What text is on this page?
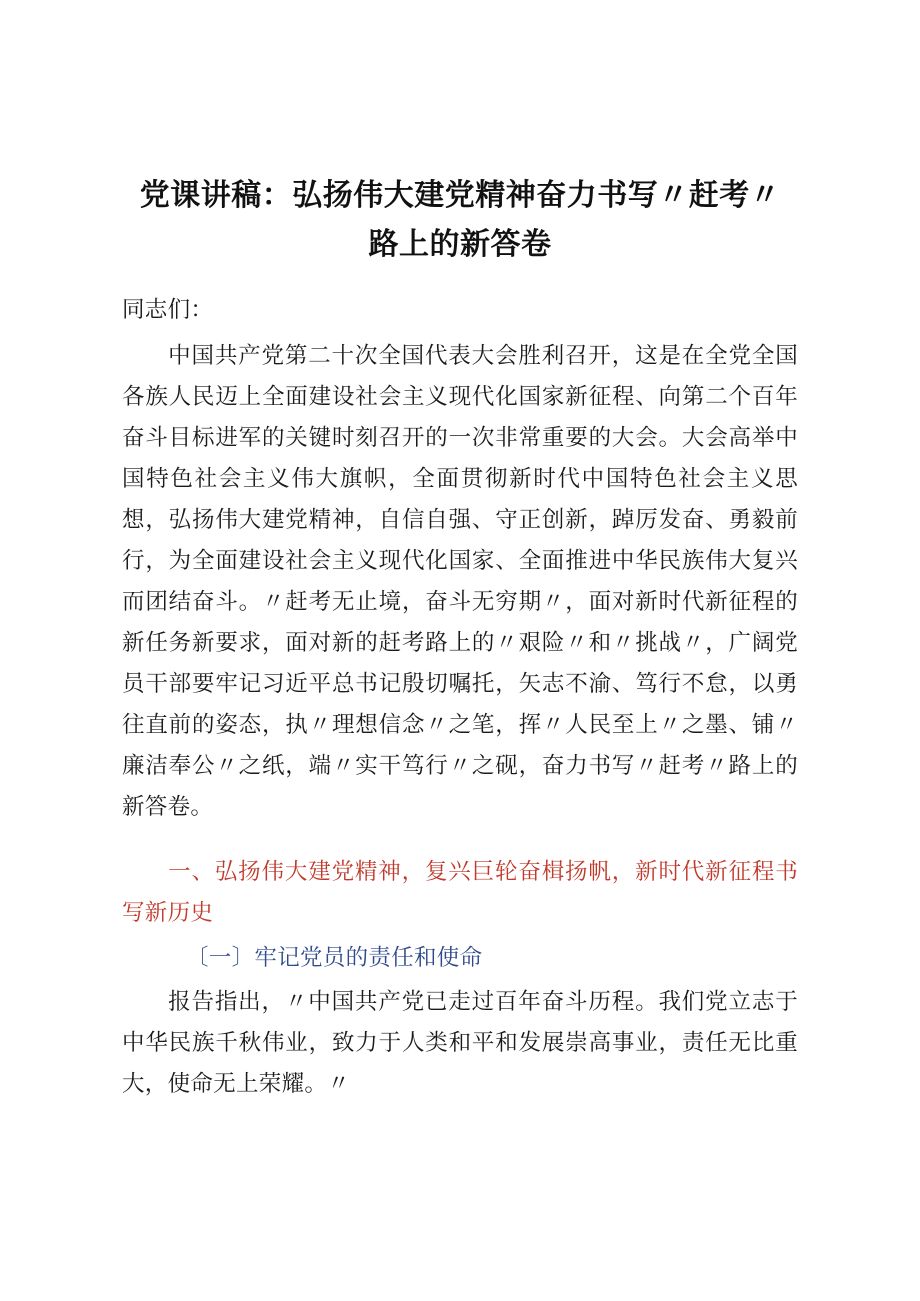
党课讲稿：弘扬伟大建党精神奋力书写〃赶考〃
路上的新答卷

同志们：

中国共产党第二十次全国代表大会胜利召开，这是在全党全国各族人民迈上全面建设社会主义现代化国家新征程、向第二个百年奋斗目标进军的关键时刻召开的一次非常重要的大会。大会高举中国特色社会主义伟大旗帜，全面贯彻新时代中国特色社会主义思想，弘扬伟大建党精神，自信自强、守正创新，踔厉发奋、勇毅前行，为全面建设社会主义现代化国家、全面推进中华民族伟大复兴而团结奋斗。〃赶考无止境，奋斗无穷期〃，面对新时代新征程的新任务新要求，面对新的赶考路上的〃艰险〃和〃挑战〃，广阔党员干部要牢记习近平总书记殷切嘱托，矢志不渝、笃行不怠，以勇往直前的姿态，执〃理想信念〃之笔，挥〃人民至上〃之墨、铺〃廉洁奉公〃之纸，端〃实干笃行〃之砚，奋力书写〃赶考〃路上的新答卷。

一、弘扬伟大建党精神，复兴巨轮奋楫扬帆，新时代新征程书写新历史

〔一〕牢记党员的责任和使命

报告指出，〃中国共产党已走过百年奋斗历程。我们党立志于中华民族千秋伟业，致力于人类和平和发展崇高事业，责任无比重大，使命无上荣耀。〃
